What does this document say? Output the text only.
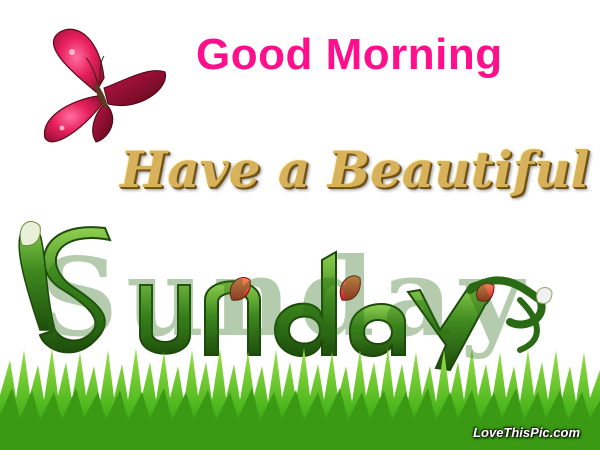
Good Morning
Have a Beautiful
Sunday
LoveThisPic.com
